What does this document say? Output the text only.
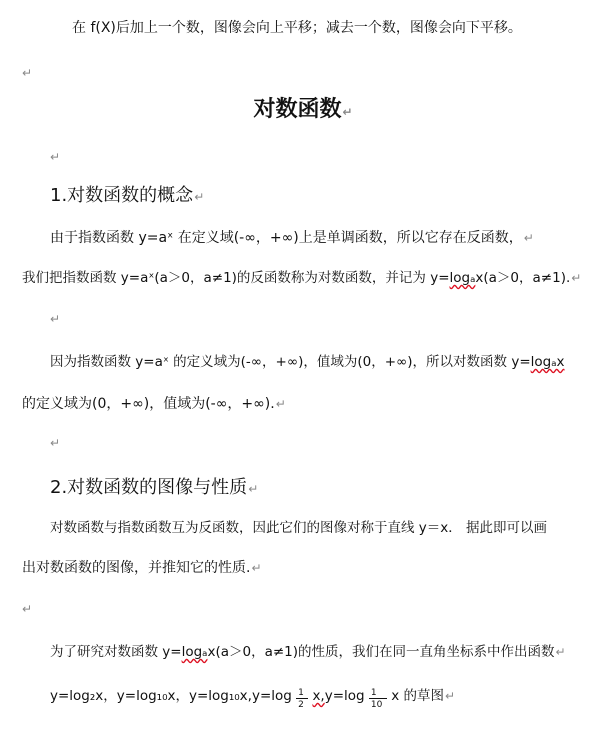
在 f(X)后加上一个数，图像会向上平移；减去一个数，图像会向下平移。
↵
对数函数↵
↵
1.对数函数的概念↵
由于指数函数 y=aˣ 在定义域(-∞，+∞)上是单调函数，所以它存在反函数，↵
我们把指数函数 y=aˣ(a＞0，a≠1)的反函数称为对数函数，并记为 y=logₐx(a＞0，a≠1).↵
↵
因为指数函数 y=aˣ 的定义域为(-∞，+∞)，值域为(0，+∞)，所以对数函数 y=logₐx
的定义域为(0，+∞)，值域为(-∞，+∞).↵
↵
2.对数函数的图像与性质↵
对数函数与指数函数互为反函数，因此它们的图像对称于直线 y＝x． 据此即可以画
出对数函数的图像，并推知它的性质.↵
↵
为了研究对数函数 y=logₐx(a＞0，a≠1)的性质，我们在同一直角坐标系中作出函数↵
y=log₂x，y=log₁₀x，$y=\log_{10}x,y=\log \frac{1}{2} x,y=\log \frac{1}{10}$ x 的草图↵
